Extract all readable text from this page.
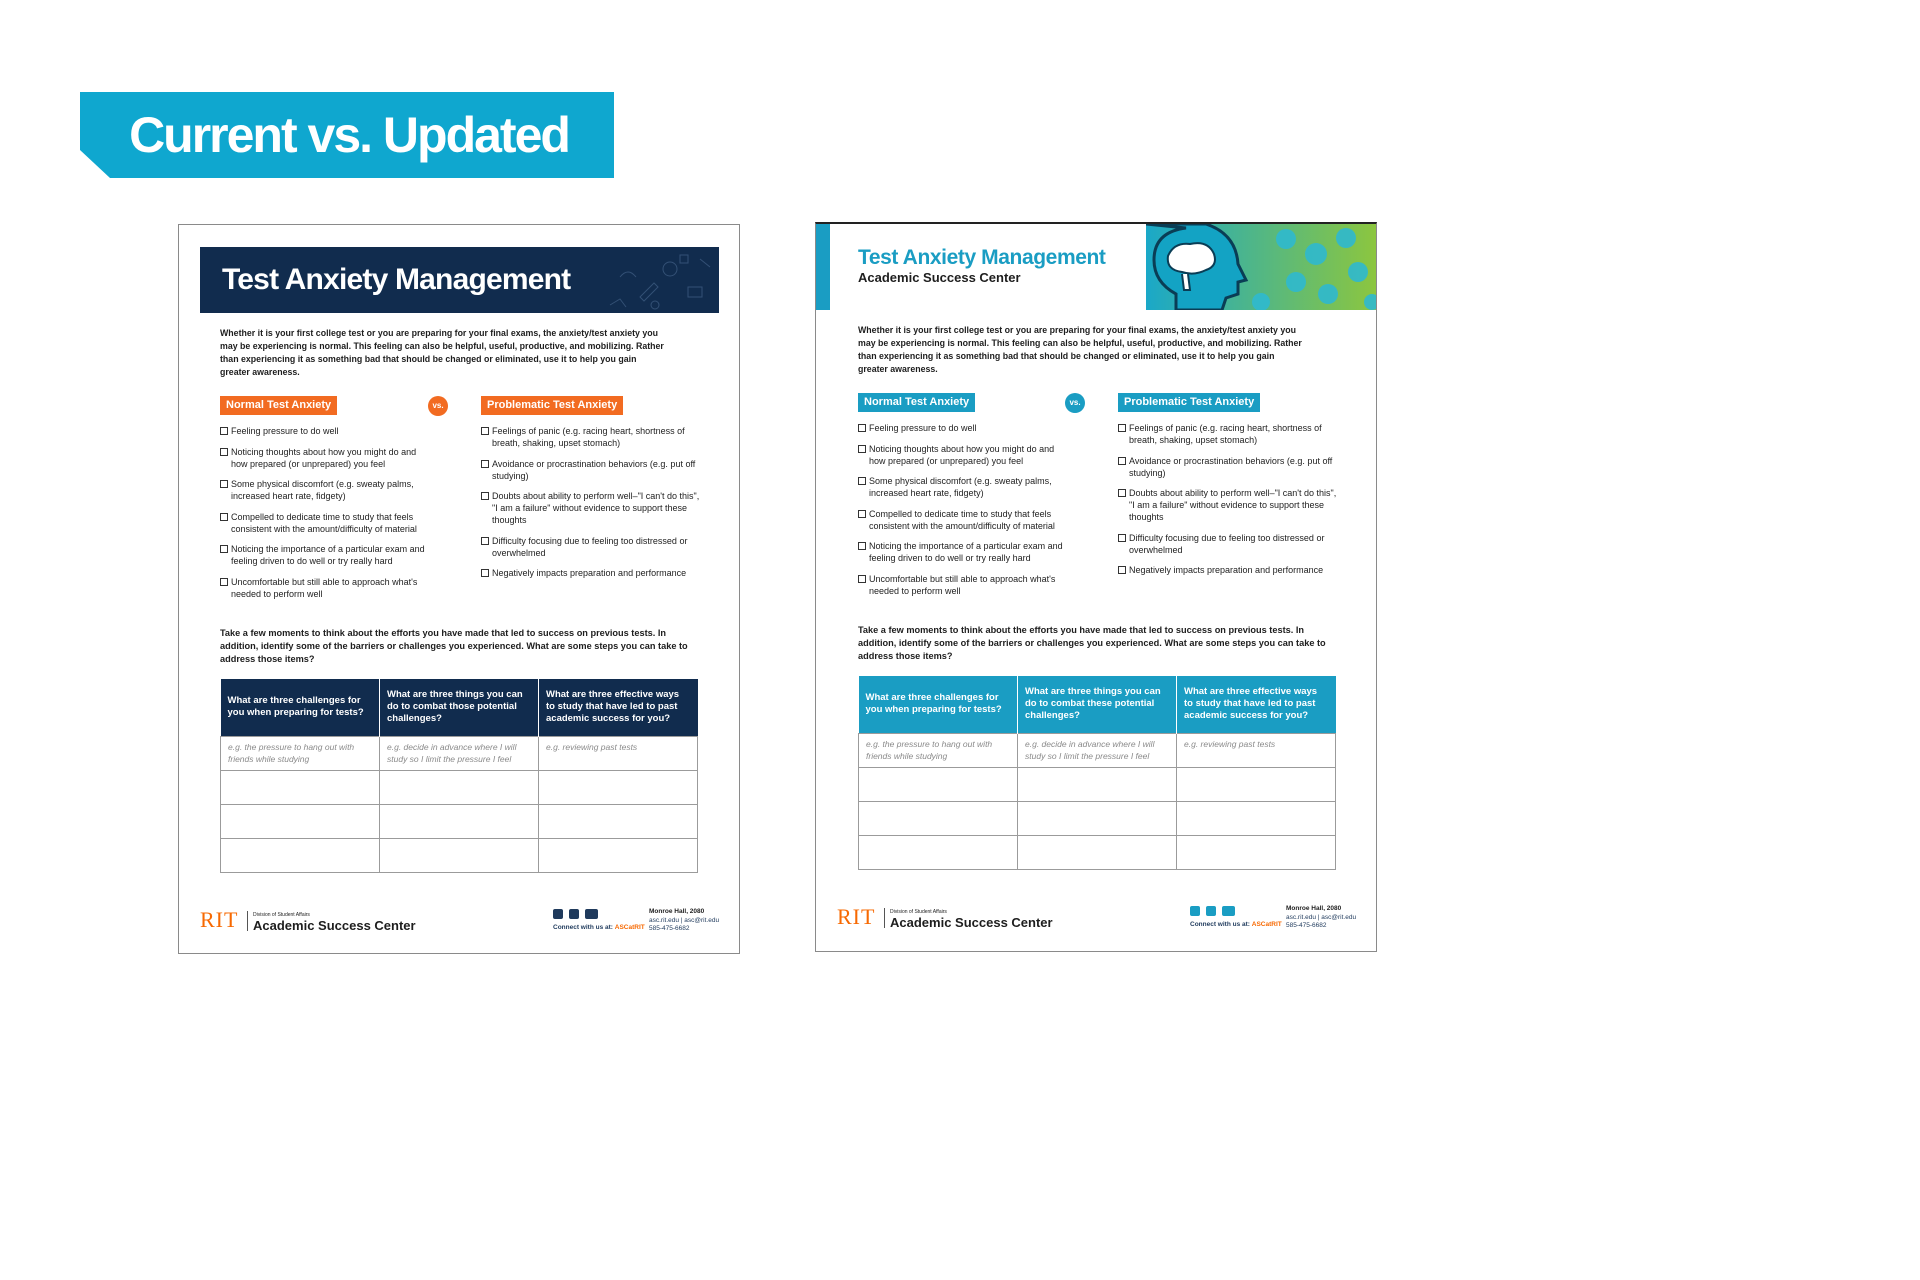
Current vs. Updated
Test Anxiety Management
Whether it is your first college test or you are preparing for your final exams, the anxiety/test anxiety you may be experiencing is normal. This feeling can also be helpful, useful, productive, and mobilizing. Rather than experiencing it as something bad that should be changed or eliminated, use it to help you gain greater awareness.
Normal Test Anxiety	vs.	Problematic Test Anxiety
Feeling pressure to do well
Noticing thoughts about how you might do and how prepared (or unprepared) you feel
Some physical discomfort (e.g. sweaty palms, increased heart rate, fidgety)
Compelled to dedicate time to study that feels consistent with the amount/difficulty of material
Noticing the importance of a particular exam and feeling driven to do well or try really hard
Uncomfortable but still able to approach what's needed to perform well
Feelings of panic (e.g. racing heart, shortness of breath, shaking, upset stomach)
Avoidance or procrastination behaviors (e.g. put off studying)
Doubts about ability to perform well–"I can't do this", "I am a failure" without evidence to support these thoughts
Difficulty focusing due to feeling too distressed or overwhelmed
Negatively impacts preparation and performance
Take a few moments to think about the efforts you have made that led to success on previous tests. In addition, identify some of the barriers or challenges you experienced. What are some steps you can take to address those items?
What are three challenges for you when preparing for tests?	What are three things you can do to combat those potential challenges?	What are three effective ways to study that have led to past academic success for you?
e.g. the pressure to hang out with friends while studying	e.g. decide in advance where I will study so I limit the pressure I feel	e.g. reviewing past tests

RIT	Division of Student Affairs
Academic Success Center	Connect with us at: ASCatRIT
Monroe Hall, 2080
asc.rit.edu | asc@rit.edu
585-475-6682
Test Anxiety Management
Academic Success Center
Whether it is your first college test or you are preparing for your final exams, the anxiety/test anxiety you may be experiencing is normal. This feeling can also be helpful, useful, productive, and mobilizing. Rather than experiencing it as something bad that should be changed or eliminated, use it to help you gain greater awareness.
Normal Test Anxiety	vs.	Problematic Test Anxiety
Feeling pressure to do well
Noticing thoughts about how you might do and how prepared (or unprepared) you feel
Some physical discomfort (e.g. sweaty palms, increased heart rate, fidgety)
Compelled to dedicate time to study that feels consistent with the amount/difficulty of material
Noticing the importance of a particular exam and feeling driven to do well or try really hard
Uncomfortable but still able to approach what's needed to perform well
Feelings of panic (e.g. racing heart, shortness of breath, shaking, upset stomach)
Avoidance or procrastination behaviors (e.g. put off studying)
Doubts about ability to perform well–"I can't do this", "I am a failure" without evidence to support these thoughts
Difficulty focusing due to feeling too distressed or overwhelmed
Negatively impacts preparation and performance
Take a few moments to think about the efforts you have made that led to success on previous tests. In addition, identify some of the barriers or challenges you experienced. What are some steps you can take to address those items?
What are three challenges for you when preparing for tests?	What are three things you can do to combat these potential challenges?	What are three effective ways to study that have led to past academic success for you?
e.g. the pressure to hang out with friends while studying	e.g. decide in advance where I will study so I limit the pressure I feel	e.g. reviewing past tests

RIT	Division of Student Affairs
Academic Success Center	Connect with us at: ASCatRIT
Monroe Hall, 2080
asc.rit.edu | asc@rit.edu
585-475-6682
